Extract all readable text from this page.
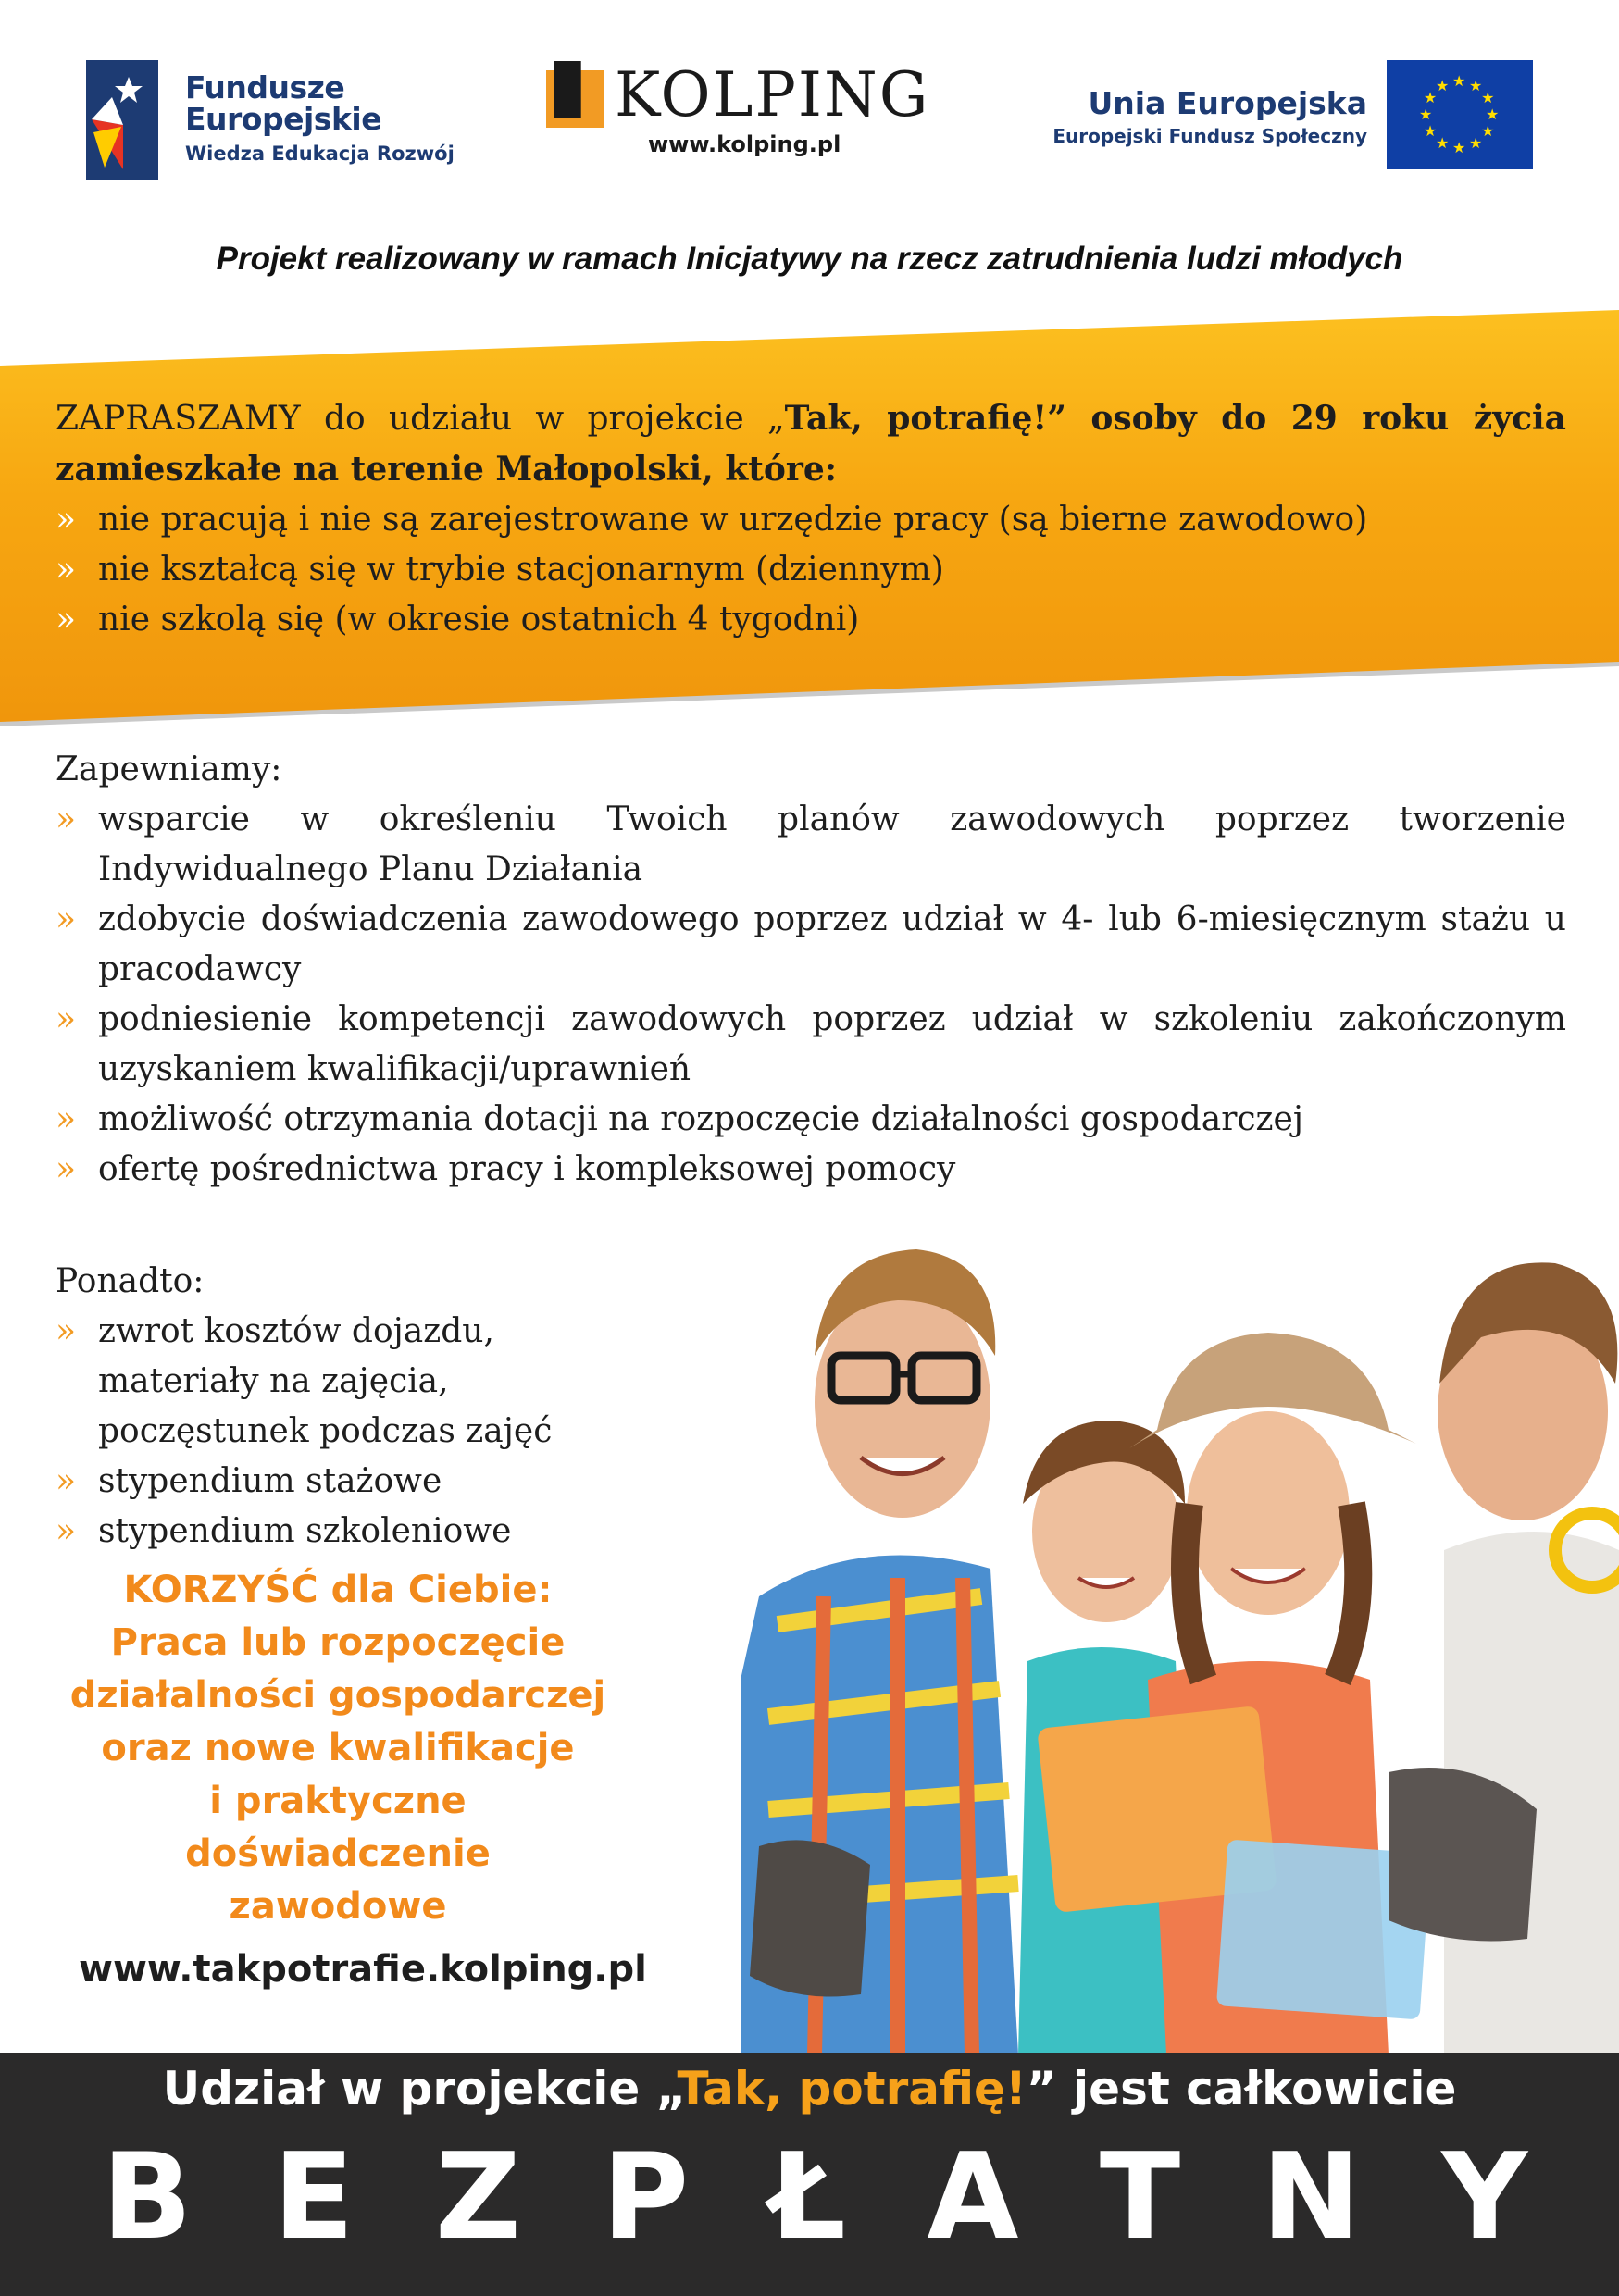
Fundusze
Europejskie
Wiedza Edukacja Rozwój
KOLPING
www.kolping.pl
Unia Europejska
Europejski Fundusz Społeczny
★ ★
★
★
★
★
★
★
★
★
★
★
Projekt realizowany w ramach Inicjatywy na rzecz zatrudnienia ludzi młodych

ZAPRASZAMY do udziału w projekcie „Tak, potrafię!” osoby do 29 roku życia zamieszkałe na terenie Małopolski, które:

» nie pracują i nie są zarejestrowane w urzędzie pracy (są bierne zawodowo)
» nie kształcą się w trybie stacjonarnym (dziennym)
» nie szkolą się (w okresie ostatnich 4 tygodni)

Zapewniamy:

» wsparcie w określeniu Twoich planów zawodowych poprzez tworzenie Indywidualnego Planu Działania
» zdobycie doświadczenia zawodowego poprzez udział w 4- lub 6-miesięcznym stażu u pracodawcy
» podniesienie kompetencji zawodowych poprzez udział w szkoleniu zakończonym uzyskaniem kwalifikacji/uprawnień
» możliwość otrzymania dotacji na rozpoczęcie działalności gospodarczej
» ofertę pośrednictwa pracy i kompleksowej pomocy

Ponadto:

» zwrot kosztów dojazdu, materiały na zajęcia, poczęstunek podczas zajęć
» stypendium stażowe
» stypendium szkoleniowe
KORZYŚĆ dla Ciebie:
Praca lub rozpoczęcie
działalności gospodarczej
oraz nowe kwalifikacje
i praktyczne doświadczenie
zawodowe
www.takpotrafie.kolping.pl
Udział w projekcie „Tak, potrafię!” jest całkowicie
B E Z P Ł A T N Y
